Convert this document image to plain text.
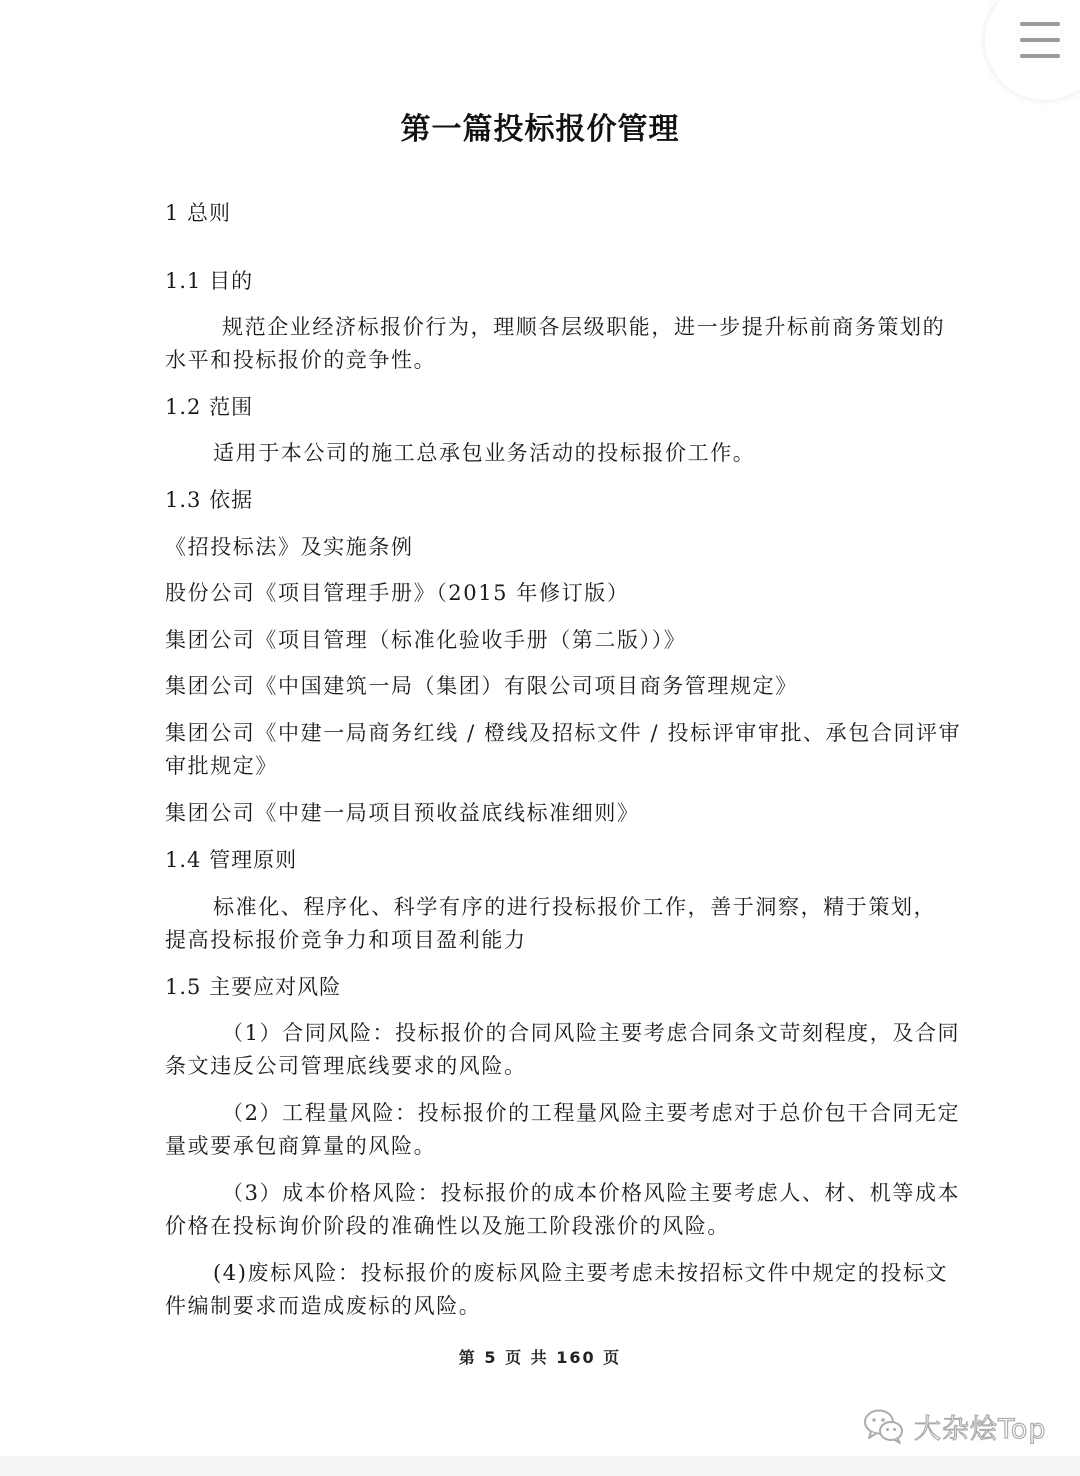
第一篇投标报价管理
1 总则
1.1 目的
规范企业经济标报价行为，理顺各层级职能，进一步提升标前商务策划的
水平和投标报价的竞争性。
1.2 范围
适用于本公司的施工总承包业务活动的投标报价工作。
1.3 依据
《招投标法》及实施条例
股份公司《项目管理手册》（2015 年修订版）
集团公司《项目管理（标准化验收手册（第二版））》
集团公司《中国建筑一局（集团）有限公司项目商务管理规定》
集团公司《中建一局商务红线 / 橙线及招标文件 / 投标评审审批、承包合同评审
审批规定》
集团公司《中建一局项目预收益底线标准细则》
1.4 管理原则
标准化、程序化、科学有序的进行投标报价工作，善于洞察，精于策划，
提高投标报价竞争力和项目盈利能力
1.5 主要应对风险
（1）合同风险：投标报价的合同风险主要考虑合同条文苛刻程度，及合同
条文违反公司管理底线要求的风险。
（2）工程量风险：投标报价的工程量风险主要考虑对于总价包干合同无定
量或要承包商算量的风险。
（3）成本价格风险：投标报价的成本价格风险主要考虑人、材、机等成本
价格在投标询价阶段的准确性以及施工阶段涨价的风险。
(4)废标风险：投标报价的废标风险主要考虑未按招标文件中规定的投标文
件编制要求而造成废标的风险。
第 5 页 共 160 页
大杂烩Top
